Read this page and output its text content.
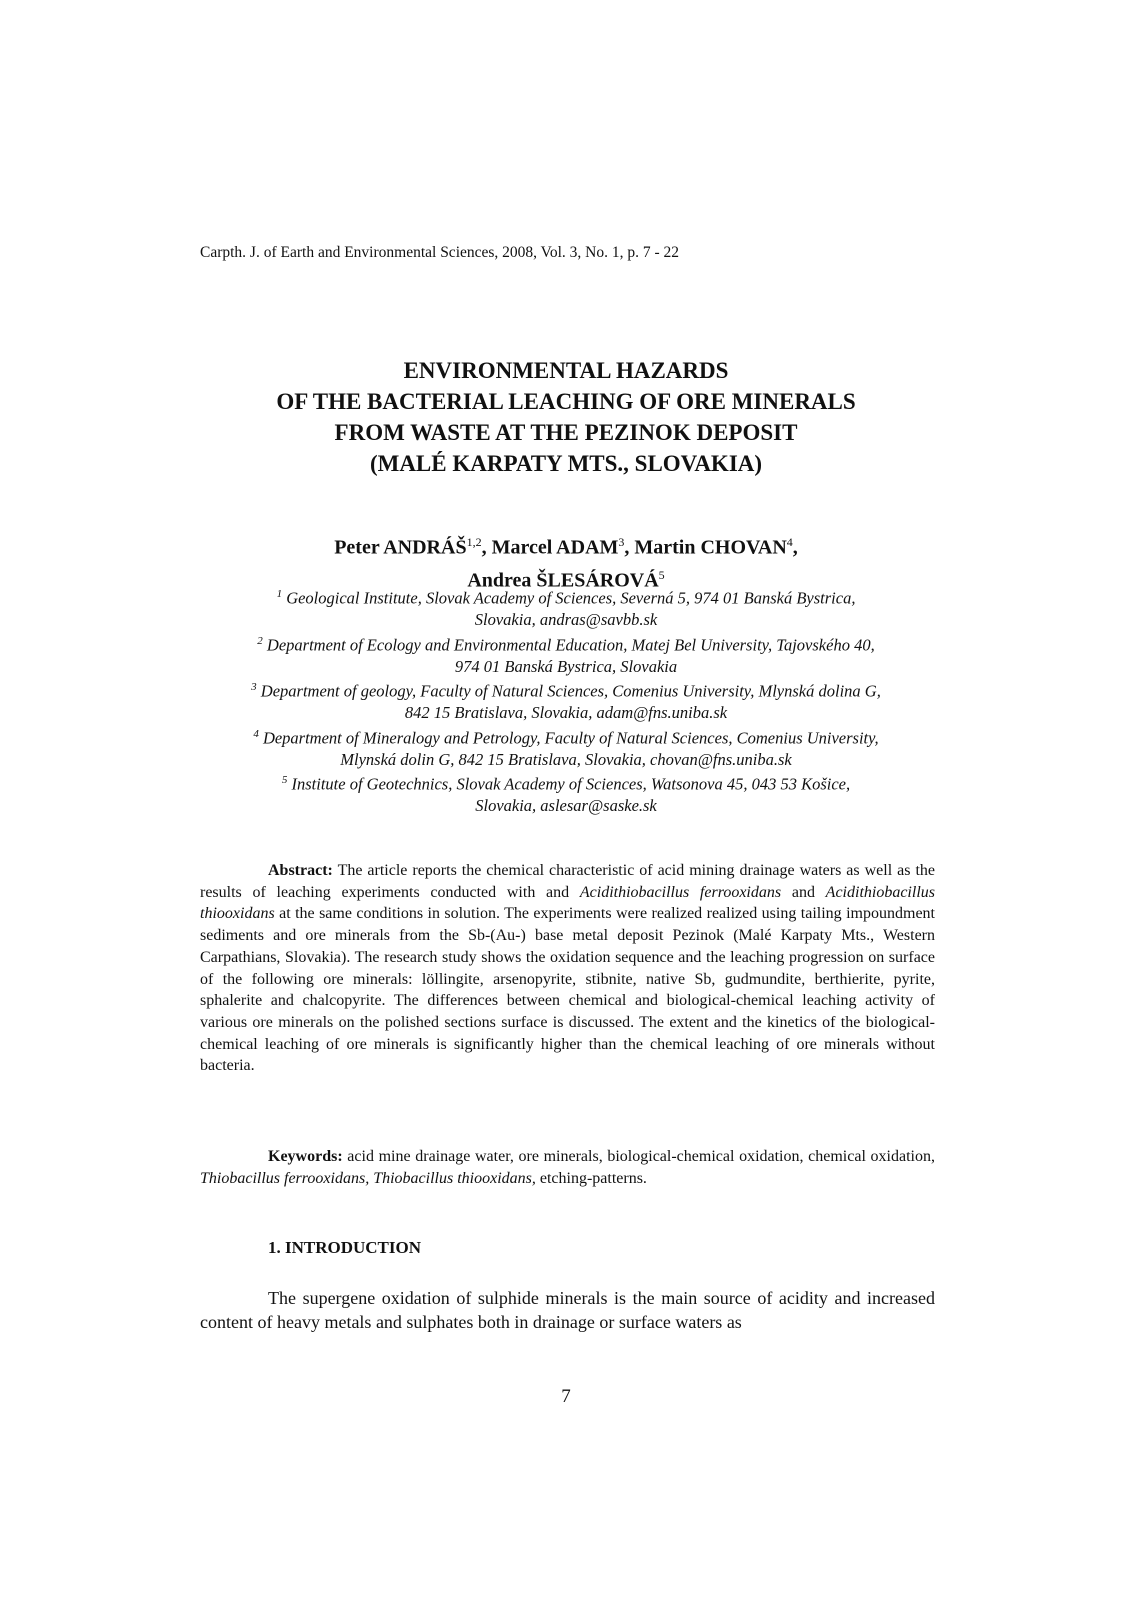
Carpth. J. of Earth and Environmental Sciences, 2008, Vol. 3, No. 1, p. 7 - 22
ENVIRONMENTAL HAZARDS
OF THE BACTERIAL LEACHING OF ORE MINERALS
FROM WASTE AT THE PEZINOK DEPOSIT
(MALÉ KARPATY MTS., SLOVAKIA)
Peter ANDRÁŠ$^{1,2}$, Marcel ADAM$^3$, Martin CHOVAN$^4$,
Andrea ŠLESÁROVÁ$^5$
$^1$ Geological Institute, Slovak Academy of Sciences, Severná 5, 974 01 Banská Bystrica,
Slovakia, andras@savbb.sk
$^2$ Department of Ecology and Environmental Education, Matej Bel University, Tajovského 40,
974 01 Banská Bystrica, Slovakia
$^3$ Department of geology, Faculty of Natural Sciences, Comenius University, Mlynská dolina G,
842 15 Bratislava, Slovakia, adam@fns.uniba.sk
$^4$ Department of Mineralogy and Petrology, Faculty of Natural Sciences, Comenius University,
Mlynská dolin G, 842 15 Bratislava, Slovakia, chovan@fns.uniba.sk
$^5$ Institute of Geotechnics, Slovak Academy of Sciences, Watsonova 45, 043 53 Košice,
Slovakia, aslesar@saske.sk
Abstract: The article reports the chemical characteristic of acid mining drainage waters as well as the results of leaching experiments conducted with and Acidithiobacillus ferrooxidans and Acidithiobacillus thiooxidans at the same conditions in solution. The experiments were realized realized using tailing impoundment sediments and ore minerals from the Sb-(Au-) base metal deposit Pezinok (Malé Karpaty Mts., Western Carpathians, Slovakia). The research study shows the oxidation sequence and the leaching progression on surface of the following ore minerals: löllingite, arsenopyrite, stibnite, native Sb, gudmundite, berthierite, pyrite, sphalerite and chalcopyrite. The differences between chemical and biological-chemical leaching activity of various ore minerals on the polished sections surface is discussed. The extent and the kinetics of the biological-chemical leaching of ore minerals is significantly higher than the chemical leaching of ore minerals without bacteria.
Keywords: acid mine drainage water, ore minerals, biological-chemical oxidation, chemical oxidation, Thiobacillus ferrooxidans, Thiobacillus thiooxidans, etching-patterns.
1. INTRODUCTION
The supergene oxidation of sulphide minerals is the main source of acidity and increased content of heavy metals and sulphates both in drainage or surface waters as
7
